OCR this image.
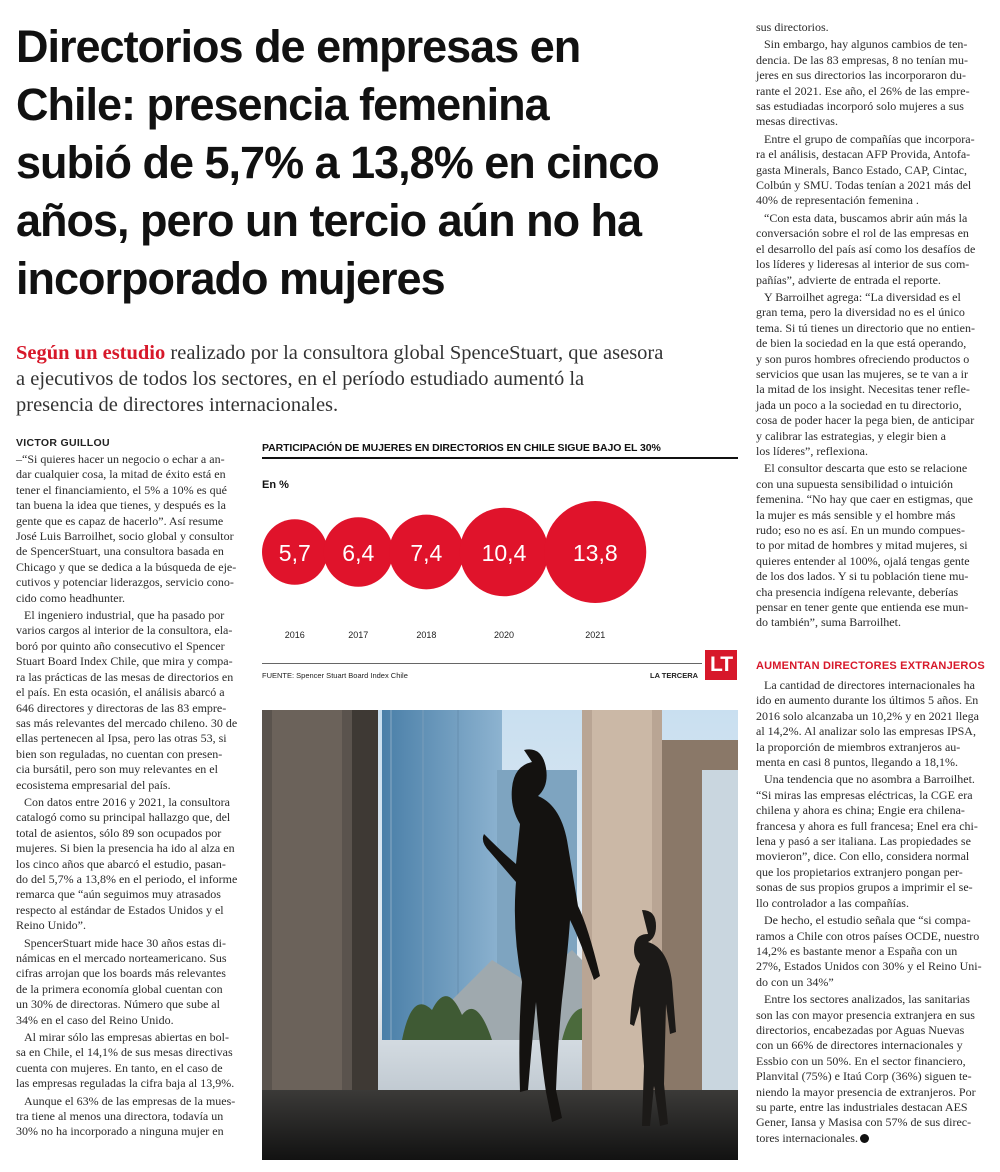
Directorios de empresas en
Chile: presencia femenina
subió de 5,7% a 13,8% en cinco
años, pero un tercio aún no ha
incorporado mujeres
Según un estudio realizado por la consultora global SpenceStuart, que asesora
a ejecutivos de todos los sectores, en el período estudiado aumentó la
presencia de directores internacionales.
VICTOR GUILLOU

–“Si quieres hacer un negocio o echar a an-
dar cualquier cosa, la mitad de éxito está en
tener el financiamiento, el 5% a 10% es qué
tan buena la idea que tienes, y después es la
gente que es capaz de hacerlo”. Así resume
José Luis Barroilhet, socio global y consultor
de SpencerStuart, una consultora basada en
Chicago y que se dedica a la búsqueda de eje-
cutivos y potenciar liderazgos, servicio cono-
cido como headhunter.

El ingeniero industrial, que ha pasado por
varios cargos al interior de la consultora, ela-
boró por quinto año consecutivo el Spencer
Stuart Board Index Chile, que mira y compa-
ra las prácticas de las mesas de directorios en
el país. En esta ocasión, el análisis abarcó a
646 directores y directoras de las 83 empre-
sas más relevantes del mercado chileno. 30 de
ellas pertenecen al Ipsa, pero las otras 53, si
bien son reguladas, no cuentan con presen-
cia bursátil, pero son muy relevantes en el
ecosistema empresarial del país.

Con datos entre 2016 y 2021, la consultora
catalogó como su principal hallazgo que, del
total de asientos, sólo 89 son ocupados por
mujeres. Si bien la presencia ha ido al alza en
los cinco años que abarcó el estudio, pasan-
do del 5,7% a 13,8% en el periodo, el informe
remarca que “aún seguimos muy atrasados
respecto al estándar de Estados Unidos y el
Reino Unido”.

SpencerStuart mide hace 30 años estas di-
námicas en el mercado norteamericano. Sus
cifras arrojan que los boards más relevantes
de la primera economía global cuentan con
un 30% de directoras. Número que sube al
34% en el caso del Reino Unido.

Al mirar sólo las empresas abiertas en bol-
sa en Chile, el 14,1% de sus mesas directivas
cuenta con mujeres. En tanto, en el caso de
las empresas reguladas la cifra baja al 13,9%.

Aunque el 63% de las empresas de la mues-
tra tiene al menos una directora, todavía un
30% no ha incorporado a ninguna mujer en

sus directorios.

Sin embargo, hay algunos cambios de ten-
dencia. De las 83 empresas, 8 no tenían mu-
jeres en sus directorios las incorporaron du-
rante el 2021. Ese año, el 26% de las empre-
sas estudiadas incorporó solo mujeres a sus
mesas directivas.

Entre el grupo de compañías que incorpora-
ra el análisis, destacan AFP Provida, Antofa-
gasta Minerals, Banco Estado, CAP, Cintac,
Colbún y SMU. Todas tenían a 2021 más del
40% de representación femenina .

“Con esta data, buscamos abrir aún más la
conversación sobre el rol de las empresas en
el desarrollo del país así como los desafíos de
los líderes y lideresas al interior de sus com-
pañías”, advierte de entrada el reporte.

Y Barroilhet agrega: “La diversidad es el
gran tema, pero la diversidad no es el único
tema. Si tú tienes un directorio que no entien-
de bien la sociedad en la que está operando,
y son puros hombres ofreciendo productos o
servicios que usan las mujeres, se te van a ir
la mitad de los insight. Necesitas tener refle-
jada un poco a la sociedad en tu directorio,
cosa de poder hacer la pega bien, de anticipar
y calibrar las estrategias, y elegir bien a
los líderes”, reflexiona.

El consultor descarta que esto se relacione
con una supuesta sensibilidad o intuición
femenina. “No hay que caer en estigmas, que
la mujer es más sensible y el hombre más
rudo; eso no es así. En un mundo compues-
to por mitad de hombres y mitad mujeres, si
quieres entender al 100%, ojalá tengas gente
de los dos lados. Y si tu población tiene mu-
cha presencia indígena relevante, deberías
pensar en tener gente que entienda ese mun-
do también”, suma Barroilhet.

AUMENTAN DIRECTORES EXTRANJEROS

La cantidad de directores internacionales ha
ido en aumento durante los últimos 5 años. En
2016 solo alcanzaba un 10,2% y en 2021 llega
al 14,2%. Al analizar solo las empresas IPSA,
la proporción de miembros extranjeros au-
menta en casi 8 puntos, llegando a 18,1%.

Una tendencia que no asombra a Barroilhet.
“Si miras las empresas eléctricas, la CGE era
chilena y ahora es china; Engie era chilena-
francesa y ahora es full francesa; Enel era chi-
lena y pasó a ser italiana. Las propiedades se
movieron”, dice. Con ello, considera normal
que los propietarios extranjero pongan per-
sonas de sus propios grupos a imprimir el se-
llo controlador a las compañías.

De hecho, el estudio señala que “si compa-
ramos a Chile con otros países OCDE, nuestro
14,2% es bastante menor a España con un
27%, Estados Unidos con 30% y el Reino Uni-
do con un 34%”

Entre los sectores analizados, las sanitarias
son las con mayor presencia extranjera en sus
directorios, encabezadas por Aguas Nuevas
con un 66% de directores internacionales y
Essbio con un 50%. En el sector financiero,
Planvital (75%) e Itaú Corp (36%) siguen te-
niendo la mayor presencia de extranjeros. Por
su parte, entre las industriales destacan AES
Gener, Iansa y Masisa con 57% de sus direc-
tores internacionales.

PARTICIPACIÓN DE MUJERES EN DIRECTORIOS EN CHILE SIGUE BAJO EL 30%
En %
5,7
2016
6,4
2017
7,4
2018
10,4
2020
13,8
2021
FUENTE: Spencer Stuart Board Index Chile	LA TERCERA LT
